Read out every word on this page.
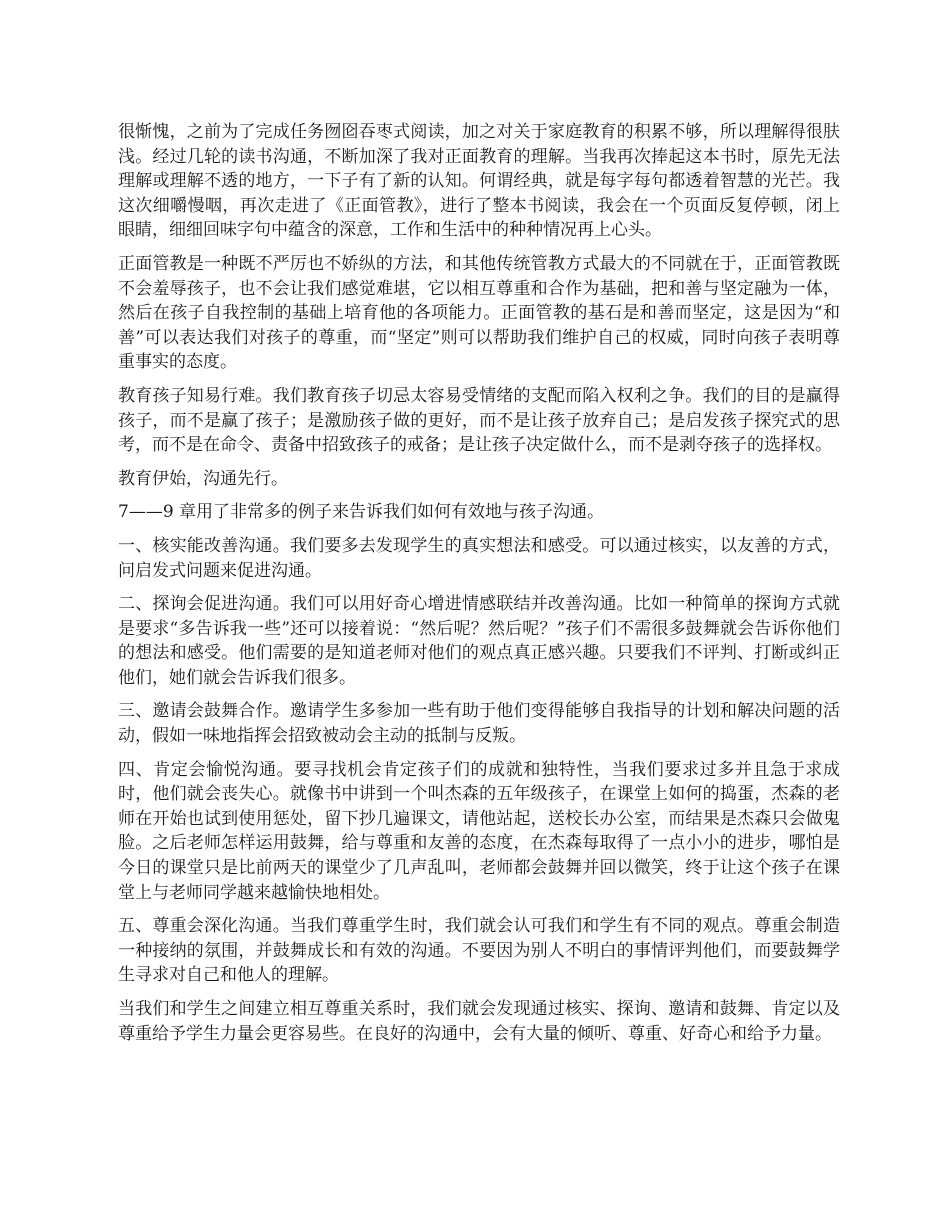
很惭愧，之前为了完成任务囫囵吞枣式阅读，加之对关于家庭教育的积累不够，所以理解得很肤浅。经过几轮的读书沟通，不断加深了我对正面教育的理解。当我再次捧起这本书时，原先无法理解或理解不透的地方，一下子有了新的认知。何谓经典，就是每字每句都透着智慧的光芒。我这次细嚼慢咽，再次走进了《正面管教》，进行了整本书阅读，我会在一个页面反复停顿，闭上眼睛，细细回味字句中蕴含的深意，工作和生活中的种种情况再上心头。

正面管教是一种既不严厉也不娇纵的方法，和其他传统管教方式最大的不同就在于，正面管教既不会羞辱孩子，也不会让我们感觉难堪，它以相互尊重和合作为基础，把和善与坚定融为一体，然后在孩子自我控制的基础上培育他的各项能力。正面管教的基石是和善而坚定，这是因为“和善”可以表达我们对孩子的尊重，而“坚定”则可以帮助我们维护自己的权威，同时向孩子表明尊重事实的态度。

教育孩子知易行难。我们教育孩子切忌太容易受情绪的支配而陷入权利之争。我们的目的是赢得孩子，而不是赢了孩子；是激励孩子做的更好，而不是让孩子放弃自己；是启发孩子探究式的思考，而不是在命令、责备中招致孩子的戒备；是让孩子决定做什么，而不是剥夺孩子的选择权。

教育伊始，沟通先行。

7——9 章用了非常多的例子来告诉我们如何有效地与孩子沟通。

一、核实能改善沟通。我们要多去发现学生的真实想法和感受。可以通过核实，以友善的方式，问启发式问题来促进沟通。

二、探询会促进沟通。我们可以用好奇心增进情感联结并改善沟通。比如一种简单的探询方式就是要求“多告诉我一些”还可以接着说：“然后呢？然后呢？”孩子们不需很多鼓舞就会告诉你他们的想法和感受。他们需要的是知道老师对他们的观点真正感兴趣。只要我们不评判、打断或纠正他们，她们就会告诉我们很多。

三、邀请会鼓舞合作。邀请学生多参加一些有助于他们变得能够自我指导的计划和解决问题的活动，假如一味地指挥会招致被动会主动的抵制与反叛。

四、肯定会愉悦沟通。要寻找机会肯定孩子们的成就和独特性，当我们要求过多并且急于求成时，他们就会丧失心。就像书中讲到一个叫杰森的五年级孩子，在课堂上如何的捣蛋，杰森的老师在开始也试到使用惩处，留下抄几遍课文，请他站起，送校长办公室，而结果是杰森只会做鬼脸。之后老师怎样运用鼓舞，给与尊重和友善的态度，在杰森每取得了一点小小的进步，哪怕是今日的课堂只是比前两天的课堂少了几声乱叫，老师都会鼓舞并回以微笑，终于让这个孩子在课堂上与老师同学越来越愉快地相处。

五、尊重会深化沟通。当我们尊重学生时，我们就会认可我们和学生有不同的观点。尊重会制造一种接纳的氛围，并鼓舞成长和有效的沟通。不要因为别人不明白的事情评判他们，而要鼓舞学生寻求对自己和他人的理解。

当我们和学生之间建立相互尊重关系时，我们就会发现通过核实、探询、邀请和鼓舞、肯定以及尊重给予学生力量会更容易些。在良好的沟通中，会有大量的倾听、尊重、好奇心和给予力量。
